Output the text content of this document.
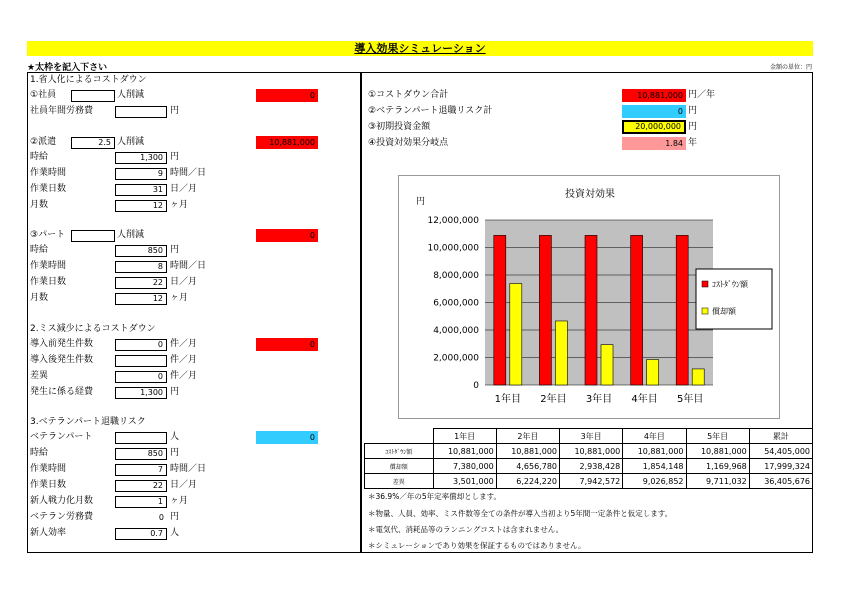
導入効果シミュレーション
★太枠を記入下さい	金額の単位：円
1.省人化によるコストダウン
①社員	人削減	0
社員年間労務費	円
②派遣	2.5 人削減	10,881,000
時給	1,300 円
作業時間	9 時間／日
作業日数	31 日／月
月数	12 ヶ月
③パート	人削減	0
時給	850 円
作業時間	8 時間／日
作業日数	22 日／月
月数	12 ヶ月
2.ミス減少によるコストダウン
導入前発生件数	0 件／月	0
導入後発生件数	件／月
差異	0 件／月
発生に係る経費	1,300 円
3.ベテランパート退職リスク
ベテランパート	人	0
時給	850 円
作業時間	7 時間／日
作業日数	22 日／月
新人戦力化月数	1 ヶ月
ベテラン労務費	0 円
新人効率	0.7 人
①コストダウン合計	10,881,000 円／年
②ベテランパート退職リスク計	0 円
③初期投資金額	20,000,000 円
④投資対効果分岐点	1.84 年
投資対効果
円
0
2,000,000
4,000,000
6,000,000
8,000,000
10,000,000
12,000,000
1年目 2年目 3年目 4年目 5年目
ｺｽﾄﾀﾞｳﾝ額
償却額
	1年目	2年目	3年目	4年目	5年目	累計
ｺｽﾄﾀﾞｳﾝ額	10,881,000	10,881,000	10,881,000	10,881,000	10,881,000	54,405,000
償却額	7,380,000	4,656,780	2,938,428	1,854,148	1,169,968	17,999,324
差異	3,501,000	6,224,220	7,942,572	9,026,852	9,711,032	36,405,676
＊36.9%／年の5年定率償却とします。
＊物量、人員、効率、ミス件数等全ての条件が導入当初より5年間一定条件と仮定します。
＊電気代、消耗品等のランニングコストは含まれません。
＊シミュレーションであり効果を保証するものではありません。
